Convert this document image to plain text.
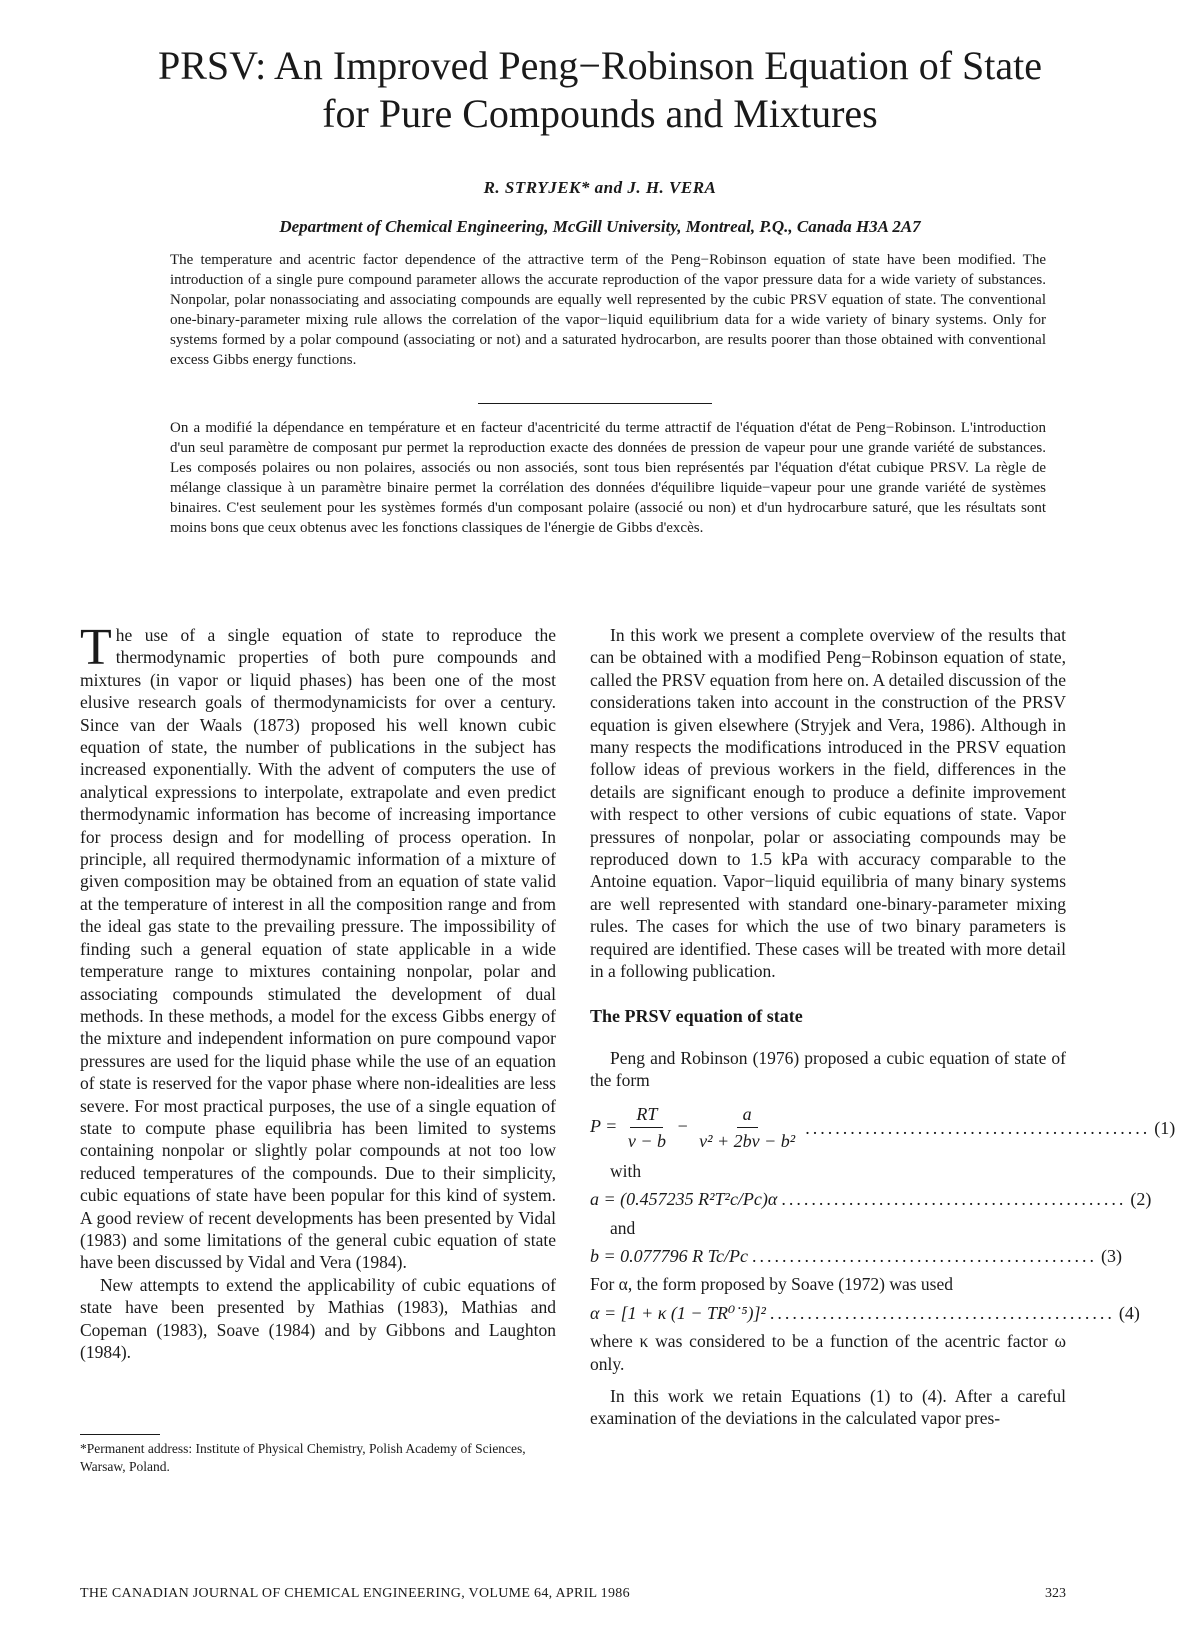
PRSV: An Improved Peng−Robinson Equation of State
for Pure Compounds and Mixtures
R. STRYJEK* and J. H. VERA
Department of Chemical Engineering, McGill University, Montreal, P.Q., Canada H3A 2A7

The temperature and acentric factor dependence of the attractive term of the Peng−Robinson equation of state have been modified. The introduction of a single pure compound parameter allows the accurate reproduction of the vapor pressure data for a wide variety of substances. Nonpolar, polar nonassociating and associating compounds are equally well represented by the cubic PRSV equation of state. The conventional one-binary-parameter mixing rule allows the correlation of the vapor−liquid equilibrium data for a wide variety of binary systems. Only for systems formed by a polar compound (associating or not) and a saturated hydrocarbon, are results poorer than those obtained with conventional excess Gibbs energy functions.

On a modifié la dépendance en température et en facteur d'acentricité du terme attractif de l'équation d'état de Peng−Robinson. L'introduction d'un seul paramètre de composant pur permet la reproduction exacte des données de pression de vapeur pour une grande variété de substances. Les composés polaires ou non polaires, associés ou non associés, sont tous bien représentés par l'équation d'état cubique PRSV. La règle de mélange classique à un paramètre binaire permet la corrélation des données d'équilibre liquide−vapeur pour une grande variété de systèmes binaires. C'est seulement pour les systèmes formés d'un composant polaire (associé ou non) et d'un hydrocarbure saturé, que les résultats sont moins bons que ceux obtenus avec les fonctions classiques de l'énergie de Gibbs d'excès.

The use of a single equation of state to reproduce the thermodynamic properties of both pure compounds and mixtures (in vapor or liquid phases) has been one of the most elusive research goals of thermodynamicists for over a century. Since van der Waals (1873) proposed his well known cubic equation of state, the number of publications in the subject has increased exponentially. With the advent of computers the use of analytical expressions to interpolate, extrapolate and even predict thermodynamic information has become of increasing importance for process design and for modelling of process operation. In principle, all required thermodynamic information of a mixture of given composition may be obtained from an equation of state valid at the temperature of interest in all the composition range and from the ideal gas state to the prevailing pressure. The impossibility of finding such a general equation of state applicable in a wide temperature range to mixtures containing nonpolar, polar and associating compounds stimulated the development of dual methods. In these methods, a model for the excess Gibbs energy of the mixture and independent information on pure compound vapor pressures are used for the liquid phase while the use of an equation of state is reserved for the vapor phase where non-idealities are less severe. For most practical purposes, the use of a single equation of state to compute phase equilibria has been limited to systems containing nonpolar or slightly polar compounds at not too low reduced temperatures of the compounds. Due to their simplicity, cubic equations of state have been popular for this kind of system. A good review of recent developments has been presented by Vidal (1983) and some limitations of the general cubic equation of state have been discussed by Vidal and Vera (1984).

New attempts to extend the applicability of cubic equations of state have been presented by Mathias (1983), Mathias and Copeman (1983), Soave (1984) and by Gibbons and Laughton (1984).

*Permanent address: Institute of Physical Chemistry, Polish Academy of Sciences, Warsaw, Poland.

In this work we present a complete overview of the results that can be obtained with a modified Peng−Robinson equation of state, called the PRSV equation from here on. A detailed discussion of the considerations taken into account in the construction of the PRSV equation is given elsewhere (Stryjek and Vera, 1986). Although in many respects the modifications introduced in the PRSV equation follow ideas of previous workers in the field, differences in the details are significant enough to produce a definite improvement with respect to other versions of cubic equations of state. Vapor pressures of nonpolar, polar or associating compounds may be reproduced down to 1.5 kPa with accuracy comparable to the Antoine equation. Vapor−liquid equilibria of many binary systems are well represented with standard one-binary-parameter mixing rules. The cases for which the use of two binary parameters is required are identified. These cases will be treated with more detail in a following publication.

The PRSV equation of state

Peng and Robinson (1976) proposed a cubic equation of state of the form

$P = \frac{RT}{v - b} - \frac{a}{\text{v² + 2bv − b²}}$ .............................................. (1)

with

a = (0.457235 R²T²c/Pc)α .............................................. (2)

and

b = 0.077796 R Tc/Pc .............................................. (3)

For α, the form proposed by Soave (1972) was used

α = [1 + κ (1 − TR⁰˙⁵)]² .............................................. (4)

where κ was considered to be a function of the acentric factor ω only.

In this work we retain Equations (1) to (4). After a careful examination of the deviations in the calculated vapor pres-

THE CANADIAN JOURNAL OF CHEMICAL ENGINEERING, VOLUME 64, APRIL 1986	323
